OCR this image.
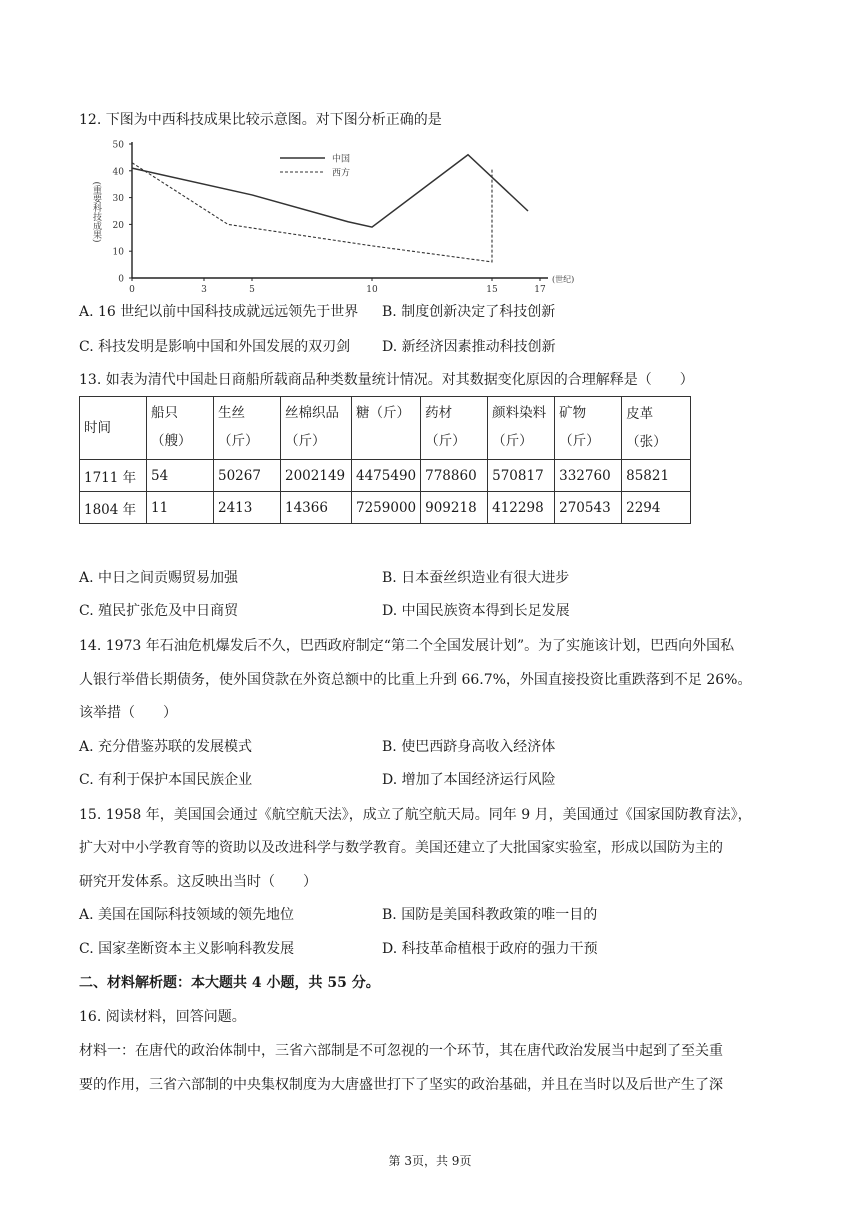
12. 下图为中西科技成果比较示意图。对下图分析正确的是
0
10
20
30
40
50
0	3	5	10	15	17
(重要科技成果)
(世纪)
中国
西方
A. 16 世纪以前中国科技成就远远领先于世界 B. 制度创新决定了科技创新
C. 科技发明是影响中国和外国发展的双刃剑 D. 新经济因素推动科技创新
13. 如表为清代中国赴日商船所载商品种类数量统计情况。对其数据变化原因的合理解释是（　　）
时间	船只（艘）	生丝（斤）	丝棉织品（斤）	糖（斤）	药材（斤）	颜料染料（斤）	矿物（斤）	皮革（张）
1711 年	54	50267	2002149	4475490	778860	570817	332760	85821
1804 年	11	2413	14366	7259000	909218	412298	270543	2294
A. 中日之间贡赐贸易加强	B. 日本蚕丝织造业有很大进步
C. 殖民扩张危及中日商贸	D. 中国民族资本得到长足发展
14. 1973 年石油危机爆发后不久，巴西政府制定“第二个全国发展计划”。为了实施该计划，巴西向外国私
人银行举借长期债务，使外国贷款在外资总额中的比重上升到 66.7%，外国直接投资比重跌落到不足 26%。
该举措（　　）
A. 充分借鉴苏联的发展模式	B. 使巴西跻身高收入经济体
C. 有利于保护本国民族企业	D. 增加了本国经济运行风险
15. 1958 年，美国国会通过《航空航天法》，成立了航空航天局。同年 9 月，美国通过《国家国防教育法》，
扩大对中小学教育等的资助以及改进科学与数学教育。美国还建立了大批国家实验室，形成以国防为主的
研究开发体系。这反映出当时（　　）
A. 美国在国际科技领域的领先地位	B. 国防是美国科教政策的唯一目的
C. 国家垄断资本主义影响科教发展	D. 科技革命植根于政府的强力干预
二、材料解析题：本大题共 4 小题，共 55 分。
16. 阅读材料，回答问题。
材料一：在唐代的政治体制中，三省六部制是不可忽视的一个环节，其在唐代政治发展当中起到了至关重
要的作用，三省六部制的中央集权制度为大唐盛世打下了坚实的政治基础，并且在当时以及后世产生了深
第 3页，共 9页
